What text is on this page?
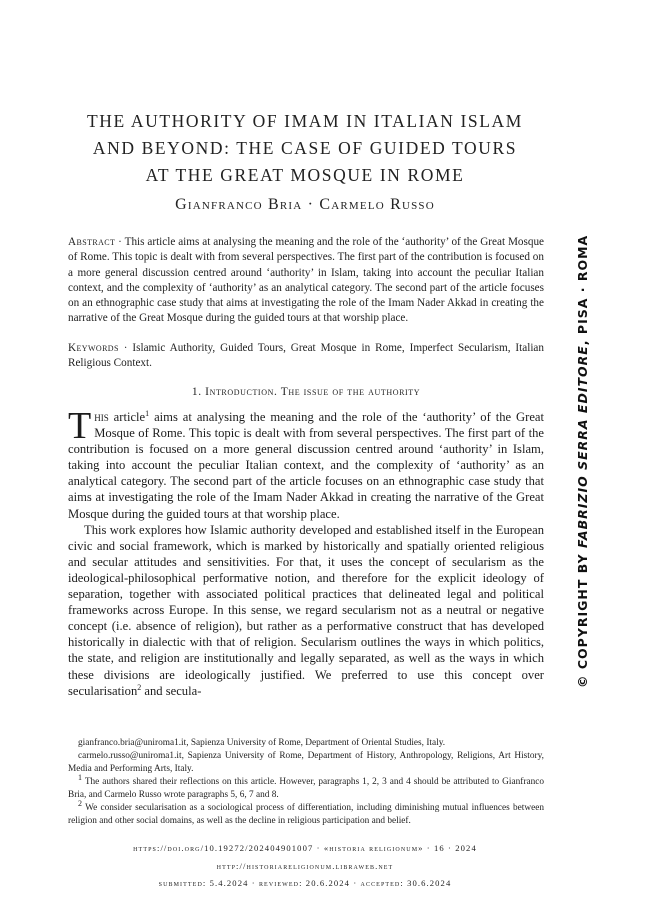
THE AUTHORITY OF IMAM IN ITALIAN ISLAM
AND BEYOND: THE CASE OF GUIDED TOURS
AT THE GREAT MOSQUE IN ROME
Gianfranco Bria · Carmelo Russo
Abstract · This article aims at analysing the meaning and the role of the ‘authority’ of the Great Mosque of Rome. This topic is dealt with from several perspectives. The first part of the contribution is focused on a more general discussion centred around ‘authority’ in Islam, taking into account the peculiar Italian context, and the complexity of ‘authority’ as an analytical category. The second part of the article focuses on an ethnographic case study that aims at investigating the role of the Imam Nader Akkad in creating the narrative of the Great Mosque during the guided tours at that worship place.
Keywords · Islamic Authority, Guided Tours, Great Mosque in Rome, Imperfect Secularism, Italian Religious Context.
1. Introduction. The issue of the authority

This article$^1$ aims at analysing the meaning and the role of the ‘authority’ of the Great Mosque of Rome. This topic is dealt with from several perspectives. The first part of the contribution is focused on a more general discussion centred around ‘authority’ in Islam, taking into account the peculiar Italian context, and the complexity of ‘authority’ as an analytical category. The second part of the article focuses on an ethnographic case study that aims at investigating the role of the Imam Nader Akkad in creating the narrative of the Great Mosque during the guided tours at that worship place.

This work explores how Islamic authority developed and established itself in the European civic and social framework, which is marked by historically and spatially oriented religious and secular attitudes and sensitivities. For that, it uses the concept of secularism as the ideological-philosophical performative notion, and therefore for the explicit ideology of separation, together with associated political practices that delineated legal and political frameworks across Europe. In this sense, we regard secularism not as a neutral or negative concept (i.e. absence of religion), but rather as a performative construct that has developed historically in dialectic with that of religion. Secularism outlines the ways in which politics, the state, and religion are institutionally and legally separated, as well as the ways in which these divisions are ideologically justified. We preferred to use this concept over secularisation$^2$ and secula-

gianfranco.bria@uniroma1.it, Sapienza University of Rome, Department of Oriental Studies, Italy.

carmelo.russo@uniroma1.it, Sapienza University of Rome, Department of History, Anthropology, Religions, Art History, Media and Performing Arts, Italy.

$^1$ The authors shared their reflections on this article. However, paragraphs 1, 2, 3 and 4 should be attributed to Gianfranco Bria, and Carmelo Russo wrote paragraphs 5, 6, 7 and 8.

$^2$ We consider secularisation as a sociological process of differentiation, including diminishing mutual influences between religion and other social domains, as well as the decline in religious participation and belief.

https://doi.org/10.19272/202404901007 · «historia religionum» · 16 · 2024
http://historiareligionum.libraweb.net
submitted: 5.4.2024 · reviewed: 20.6.2024 · accepted: 30.6.2024
© COPYRIGHT BY FABRIZIO SERRA EDITORE, PISA · ROMA
